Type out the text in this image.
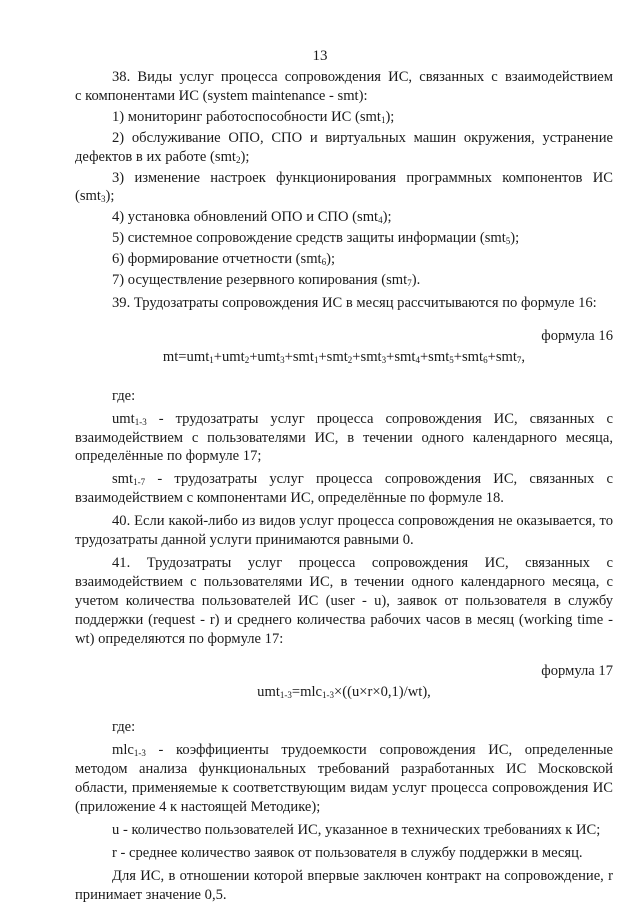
13

38. Виды услуг процесса сопровождения ИС, связанных с взаимодействием

с компонентами ИС (system maintenance - smt):

1) мониторинг работоспособности ИС (smt$_1$);

2) обслуживание ОПО, СПО и виртуальных машин окружения, устранение дефектов в их работе (smt$_2$);

3) изменение настроек функционирования программных компонентов ИС (smt$_3$);

4) установка обновлений ОПО и СПО (smt$_4$);

5) системное сопровождение средств защиты информации (smt$_5$);

6) формирование отчетности (smt$_6$);

7) осуществление резервного копирования (smt$_7$).

39. Трудозатраты сопровождения ИС в месяц рассчитываются по формуле 16:

формула 16

mt=umt$_1$+umt$_2$+umt$_3$+smt$_1$+smt$_2$+smt$_3$+smt$_4$+smt$_5$+smt$_6$+smt$_7$,

где:

umt$_{1-3}$ - трудозатраты услуг процесса сопровождения ИС, связанных с взаимодействием с пользователями ИС, в течении одного календарного месяца, определённые по формуле 17;

smt$_{1-7}$ - трудозатраты услуг процесса сопровождения ИС, связанных с взаимодействием с компонентами ИС, определённые по формуле 18.

40. Если какой-либо из видов услуг процесса сопровождения не оказывается, то трудозатраты данной услуги принимаются равными 0.

41. Трудозатраты услуг процесса сопровождения ИС, связанных с взаимодействием с пользователями ИС, в течении одного календарного месяца, с учетом количества пользователей ИС (user - u), заявок от пользователя в службу поддержки (request - r) и среднего количества рабочих часов в месяц (working time - wt) определяются по формуле 17:

формула 17

umt$_{1-3}$=mlc$_{1-3}$×((u×r×0,1)/wt),

где:

mlc$_{1-3}$ - коэффициенты трудоемкости сопровождения ИС, определенные методом анализа функциональных требований разработанных ИС Московской области, применяемые к соответствующим видам услуг процесса сопровождения ИС (приложение 4 к настоящей Методике);

u - количество пользователей ИС, указанное в технических требованиях к ИС;

r - среднее количество заявок от пользователя в службу поддержки в месяц.

Для ИС, в отношении которой впервые заключен контракт на сопровождение, r принимает значение 0,5.
